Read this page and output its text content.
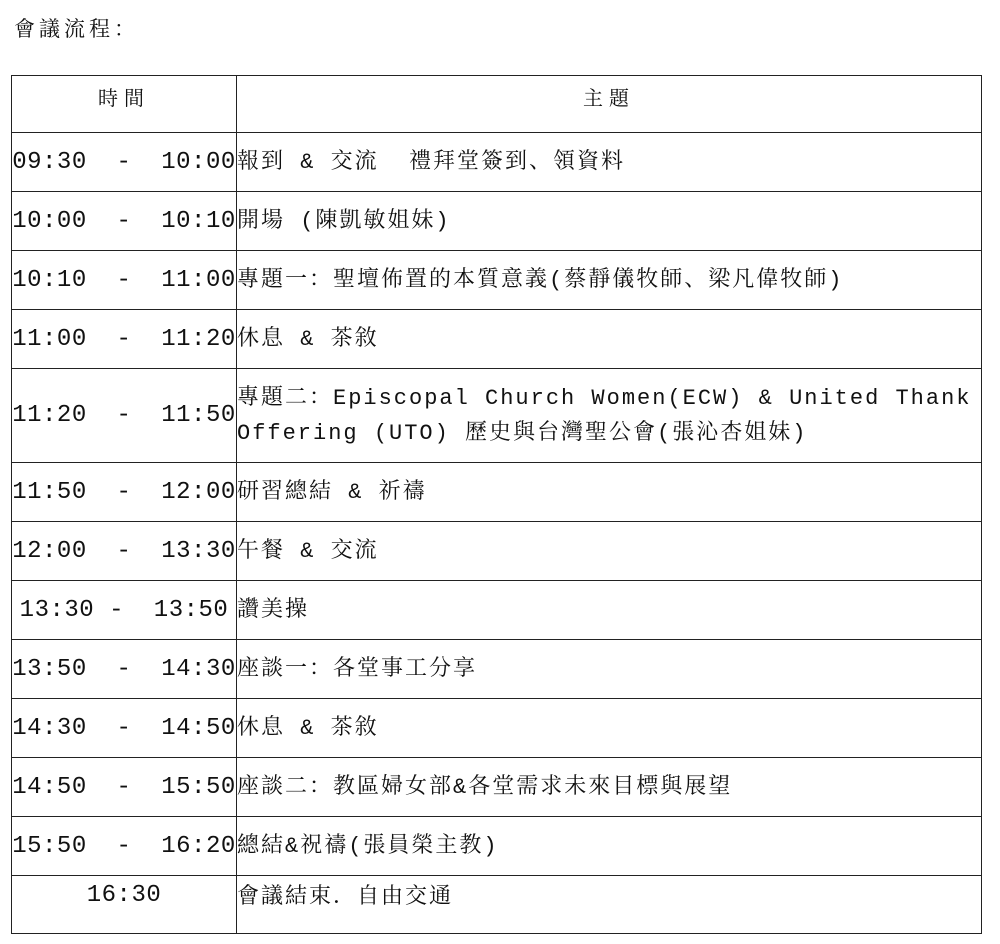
會議流程：
時間	主題
09:30  -  10:00	報到 & 交流  禮拜堂簽到、領資料
10:00  -  10:10	開場 (陳凱敏姐妹)
10:10  -  11:00	專題一：聖壇佈置的本質意義(蔡靜儀牧師、梁凡偉牧師)
11:00  -  11:20	休息 & 茶敘
11:20  -  11:50	專題二：Episcopal Church Women(ECW) & United Thank Offering (UTO) 歷史與台灣聖公會(張沁杏姐妹)
11:50  -  12:00	研習總結 & 祈禱
12:00  -  13:30	午餐 & 交流
13:30 -  13:50	讚美操
13:50  -  14:30	座談一：各堂事工分享
14:30  -  14:50	休息 & 茶敘
14:50  -  15:50	座談二：教區婦女部&各堂需求未來目標與展望
15:50  -  16:20	總結&祝禱(張員榮主教)
16:30	會議結束．自由交通
